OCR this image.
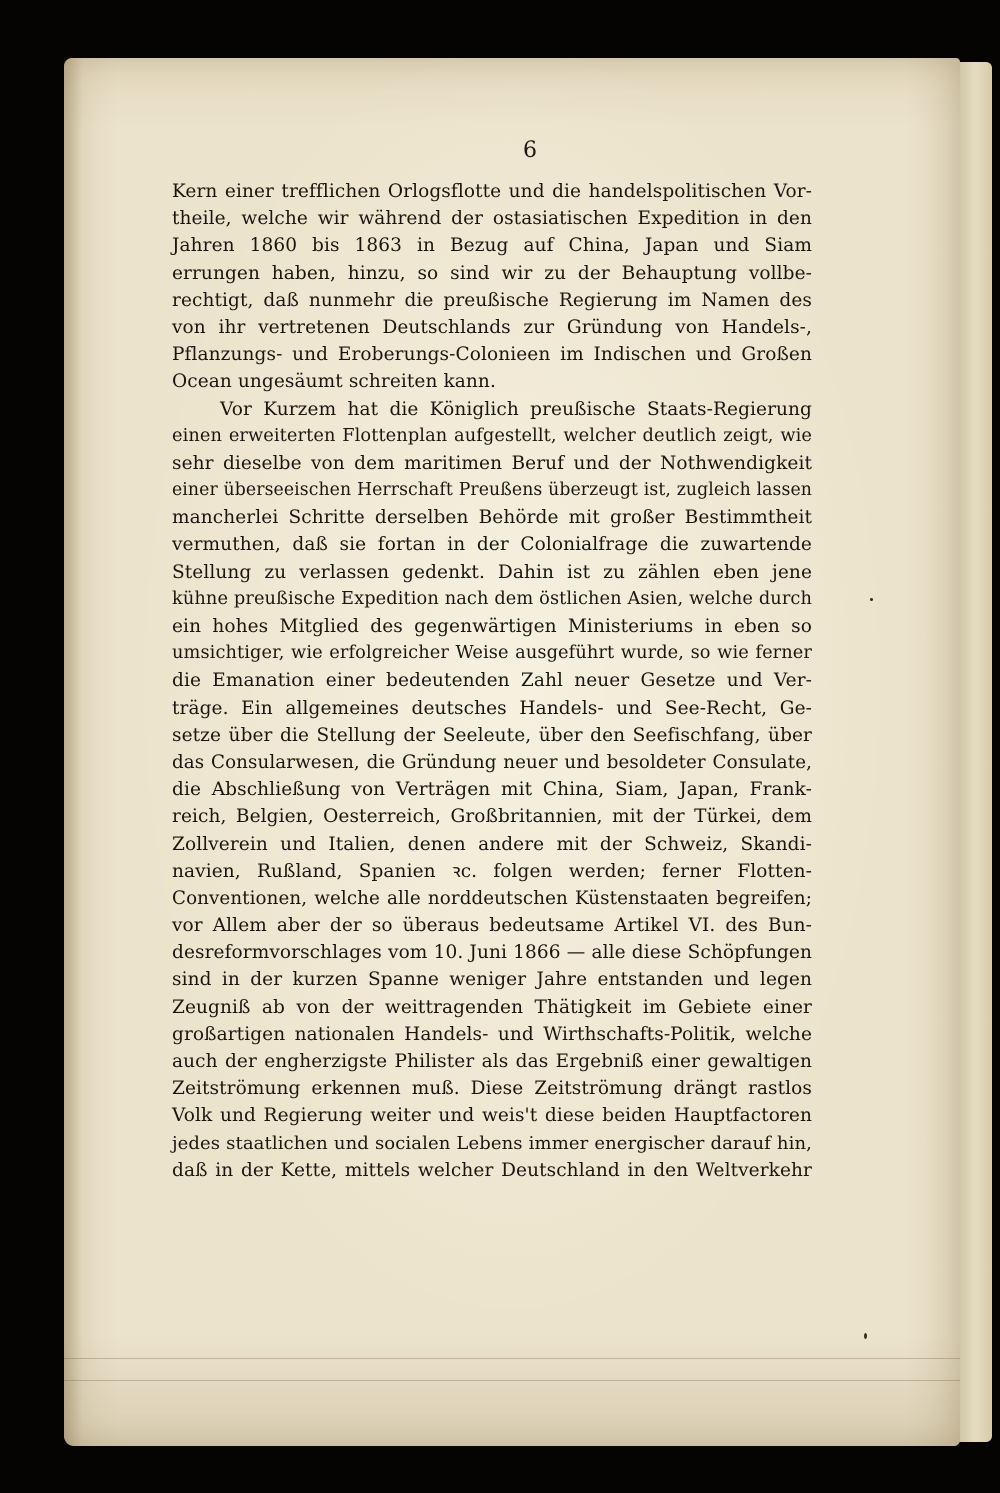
6
Kern einer trefflichen Orlogsflotte und die handelspolitischen Vor-
theile, welche wir während der ostasiatischen Expedition in den
Jahren 1860 bis 1863 in Bezug auf China, Japan und Siam
errungen haben, hinzu, so sind wir zu der Behauptung vollbe-
rechtigt, daß nunmehr die preußische Regierung im Namen des
von ihr vertretenen Deutschlands zur Gründung von Handels-,
Pflanzungs- und Eroberungs-Colonieen im Indischen und Großen
Ocean ungesäumt schreiten kann.
Vor Kurzem hat die Königlich preußische Staats-Regierung
einen erweiterten Flottenplan aufgestellt, welcher deutlich zeigt, wie
sehr dieselbe von dem maritimen Beruf und der Nothwendigkeit
einer überseeischen Herrschaft Preußens überzeugt ist, zugleich lassen
mancherlei Schritte derselben Behörde mit großer Bestimmtheit
vermuthen, daß sie fortan in der Colonialfrage die zuwartende
Stellung zu verlassen gedenkt. Dahin ist zu zählen eben jene
kühne preußische Expedition nach dem östlichen Asien, welche durch
ein hohes Mitglied des gegenwärtigen Ministeriums in eben so
umsichtiger, wie erfolgreicher Weise ausgeführt wurde, so wie ferner
die Emanation einer bedeutenden Zahl neuer Gesetze und Ver-
träge. Ein allgemeines deutsches Handels- und See-Recht, Ge-
setze über die Stellung der Seeleute, über den Seefischfang, über
das Consularwesen, die Gründung neuer und besoldeter Consulate,
die Abschließung von Verträgen mit China, Siam, Japan, Frank-
reich, Belgien, Oesterreich, Großbritannien, mit der Türkei, dem
Zollverein und Italien, denen andere mit der Schweiz, Skandi-
navien, Rußland, Spanien ꝛc. folgen werden; ferner Flotten-
Conventionen, welche alle norddeutschen Küstenstaaten begreifen;
vor Allem aber der so überaus bedeutsame Artikel VI. des Bun-
desreformvorschlages vom 10. Juni 1866 — alle diese Schöpfungen
sind in der kurzen Spanne weniger Jahre entstanden und legen
Zeugniß ab von der weittragenden Thätigkeit im Gebiete einer
großartigen nationalen Handels- und Wirthschafts-Politik, welche
auch der engherzigste Philister als das Ergebniß einer gewaltigen
Zeitströmung erkennen muß. Diese Zeitströmung drängt rastlos
Volk und Regierung weiter und weis't diese beiden Hauptfactoren
jedes staatlichen und socialen Lebens immer energischer darauf hin,
daß in der Kette, mittels welcher Deutschland in den Weltverkehr
